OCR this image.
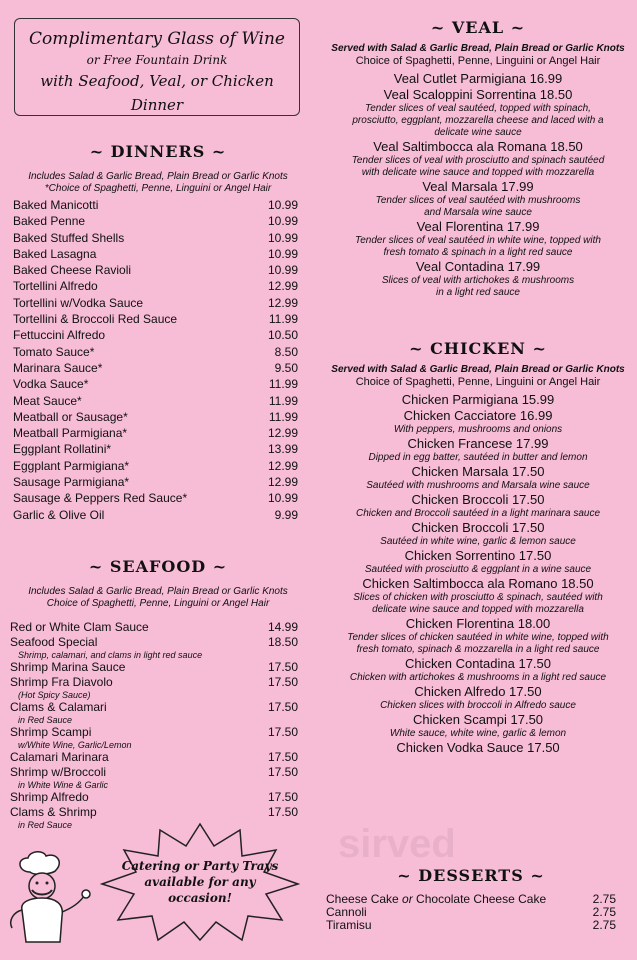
Complimentary Glass of Wine
or Free Fountain Drink
with Seafood, Veal, or Chicken Dinner
~ DINNERS ~
Includes Salad & Garlic Bread, Plain Bread or Garlic Knots
*Choice of Spaghetti, Penne, Linguini or Angel Hair
Baked Manicotti	10.99
Baked Penne	10.99
Baked Stuffed Shells	10.99
Baked Lasagna	10.99
Baked Cheese Ravioli	10.99
Tortellini Alfredo	12.99
Tortellini w/Vodka Sauce	12.99
Tortellini & Broccoli Red Sauce	11.99
Fettuccini Alfredo	10.50
Tomato Sauce*	8.50
Marinara Sauce*	9.50
Vodka Sauce*	11.99
Meat Sauce*	11.99
Meatball or Sausage*	11.99
Meatball Parmigiana*	12.99
Eggplant Rollatini*	13.99
Eggplant Parmigiana*	12.99
Sausage Parmigiana*	12.99
Sausage & Peppers Red Sauce*	10.99
Garlic & Olive Oil	9.99
~ SEAFOOD ~
Includes Salad & Garlic Bread, Plain Bread or Garlic Knots
Choice of Spaghetti, Penne, Linguini or Angel Hair
Red or White Clam Sauce	14.99
Seafood Special	18.50
Shrimp, calamari, and clams in light red sauce
Shrimp Marina Sauce	17.50
Shrimp Fra Diavolo	17.50
(Hot Spicy Sauce)
Clams & Calamari	17.50
in Red Sauce
Shrimp Scampi	17.50
w/White Wine, Garlic/Lemon
Calamari Marinara	17.50
Shrimp w/Broccoli	17.50
in White Wine & Garlic
Shrimp Alfredo	17.50
Clams & Shrimp	17.50
in Red Sauce
Catering or Party Trays
available for any
occasion!
~ VEAL ~
Served with Salad & Garlic Bread, Plain Bread or Garlic Knots
Choice of Spaghetti, Penne, Linguini or Angel Hair
Veal Cutlet Parmigiana 16.99
Veal Scaloppini Sorrentina 18.50
Tender slices of veal sautéed, topped with spinach,
prosciutto, eggplant, mozzarella cheese and laced with a
delicate wine sauce
Veal Saltimbocca ala Romana 18.50
Tender slices of veal with prosciutto and spinach sautéed
with delicate wine sauce and topped with mozzarella
Veal Marsala 17.99
Tender slices of veal sautéed with mushrooms
and Marsala wine sauce
Veal Florentina 17.99
Tender slices of veal sautéed in white wine, topped with
fresh tomato & spinach in a light red sauce
Veal Contadina 17.99
Slices of veal with artichokes & mushrooms
in a light red sauce
~ CHICKEN ~
Served with Salad & Garlic Bread, Plain Bread or Garlic Knots
Choice of Spaghetti, Penne, Linguini or Angel Hair
Chicken Parmigiana 15.99
Chicken Cacciatore 16.99
With peppers, mushrooms and onions
Chicken Francese 17.99
Dipped in egg batter, sautéed in butter and lemon
Chicken Marsala 17.50
Sautéed with mushrooms and Marsala wine sauce
Chicken Broccoli 17.50
Chicken and Broccoli sautéed in a light marinara sauce
Chicken Broccoli 17.50
Sautéed in white wine, garlic & lemon sauce
Chicken Sorrentino 17.50
Sautéed with prosciutto & eggplant in a wine sauce
Chicken Saltimbocca ala Romano 18.50
Slices of chicken with prosciutto & spinach, sautéed with
delicate wine sauce and topped with mozzarella
Chicken Florentina 18.00
Tender slices of chicken sautéed in white wine, topped with
fresh tomato, spinach & mozzarella in a light red sauce
Chicken Contadina 17.50
Chicken with artichokes & mushrooms in a light red sauce
Chicken Alfredo 17.50
Chicken slices with broccoli in Alfredo sauce
Chicken Scampi 17.50
White sauce, white wine, garlic & lemon
Chicken Vodka Sauce 17.50
sirved
~ DESSERTS ~
Cheese Cake or Chocolate Cheese Cake	2.75
Cannoli	2.75
Tiramisu	2.75
